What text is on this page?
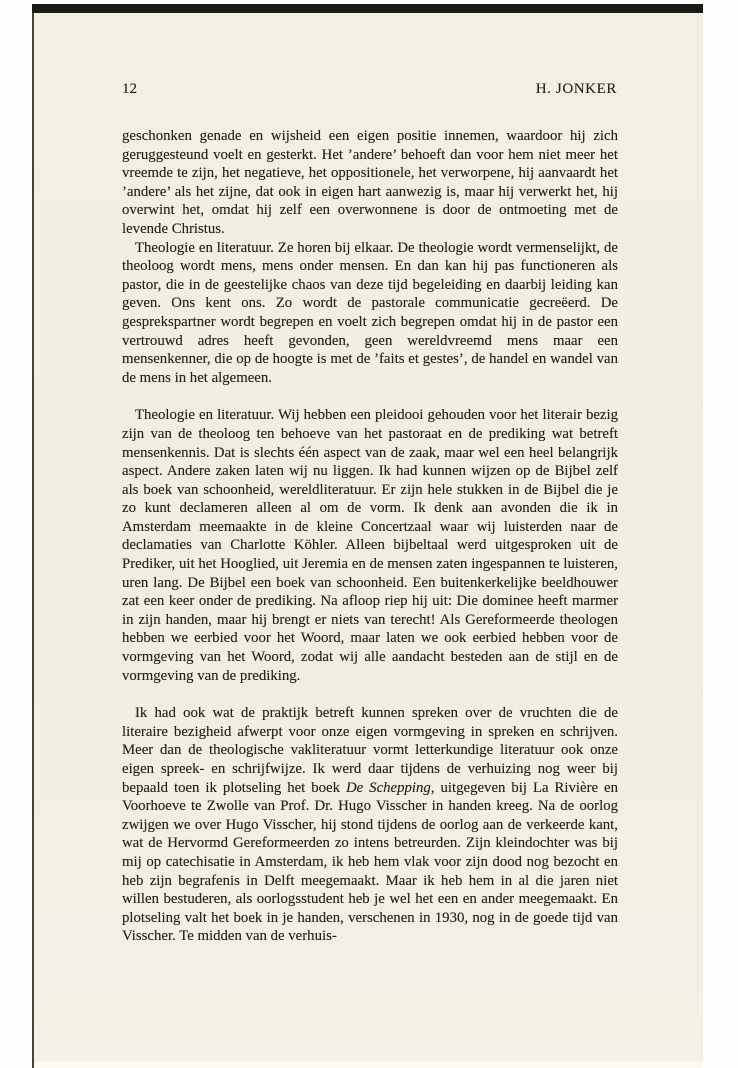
12	H. JONKER

geschonken genade en wijsheid een eigen positie innemen, waardoor hij zich geruggesteund voelt en gesterkt. Het ’andere’ behoeft dan voor hem niet meer het vreemde te zijn, het negatieve, het oppositionele, het verworpene, hij aanvaardt het ’andere’ als het zijne, dat ook in eigen hart aanwezig is, maar hij verwerkt het, hij overwint het, omdat hij zelf een overwonnene is door de ontmoeting met de levende Christus.

Theologie en literatuur. Ze horen bij elkaar. De theologie wordt vermenselijkt, de theoloog wordt mens, mens onder mensen. En dan kan hij pas functioneren als pastor, die in de geestelijke chaos van deze tijd begeleiding en daarbij leiding kan geven. Ons kent ons. Zo wordt de pastorale communicatie gecreëerd. De gesprekspartner wordt begrepen en voelt zich begrepen omdat hij in de pastor een vertrouwd adres heeft gevonden, geen wereldvreemd mens maar een mensenkenner, die op de hoogte is met de ’faits et gestes’, de handel en wandel van de mens in het algemeen.

Theologie en literatuur. Wij hebben een pleidooi gehouden voor het literair bezig zijn van de theoloog ten behoeve van het pastoraat en de prediking wat betreft mensenkennis. Dat is slechts één aspect van de zaak, maar wel een heel belangrijk aspect. Andere zaken laten wij nu liggen. Ik had kunnen wijzen op de Bijbel zelf als boek van schoonheid, wereldliteratuur. Er zijn hele stukken in de Bijbel die je zo kunt declameren alleen al om de vorm. Ik denk aan avonden die ik in Amsterdam meemaakte in de kleine Concertzaal waar wij luisterden naar de declamaties van Charlotte Köhler. Alleen bijbeltaal werd uitgesproken uit de Prediker, uit het Hooglied, uit Jeremia en de mensen zaten ingespannen te luisteren, uren lang. De Bijbel een boek van schoonheid. Een buitenkerkelijke beeldhouwer zat een keer onder de prediking. Na afloop riep hij uit: Die dominee heeft marmer in zijn handen, maar hij brengt er niets van terecht! Als Gereformeerde theologen hebben we eerbied voor het Woord, maar laten we ook eerbied hebben voor de vormgeving van het Woord, zodat wij alle aandacht besteden aan de stijl en de vormgeving van de prediking.

Ik had ook wat de praktijk betreft kunnen spreken over de vruchten die de literaire bezigheid afwerpt voor onze eigen vormgeving in spreken en schrijven. Meer dan de theologische vakliteratuur vormt letterkundige literatuur ook onze eigen spreek- en schrijfwijze. Ik werd daar tijdens de verhuizing nog weer bij bepaald toen ik plotseling het boek De Schepping, uitgegeven bij La Rivière en Voorhoeve te Zwolle van Prof. Dr. Hugo Visscher in handen kreeg. Na de oorlog zwijgen we over Hugo Visscher, hij stond tijdens de oorlog aan de verkeerde kant, wat de Hervormd Gereformeerden zo intens betreurden. Zijn kleindochter was bij mij op catechisatie in Amsterdam, ik heb hem vlak voor zijn dood nog bezocht en heb zijn begrafenis in Delft meegemaakt. Maar ik heb hem in al die jaren niet willen bestuderen, als oorlogsstudent heb je wel het een en ander meegemaakt. En plotseling valt het boek in je handen, verschenen in 1930, nog in de goede tijd van Visscher. Te midden van de verhuis-
